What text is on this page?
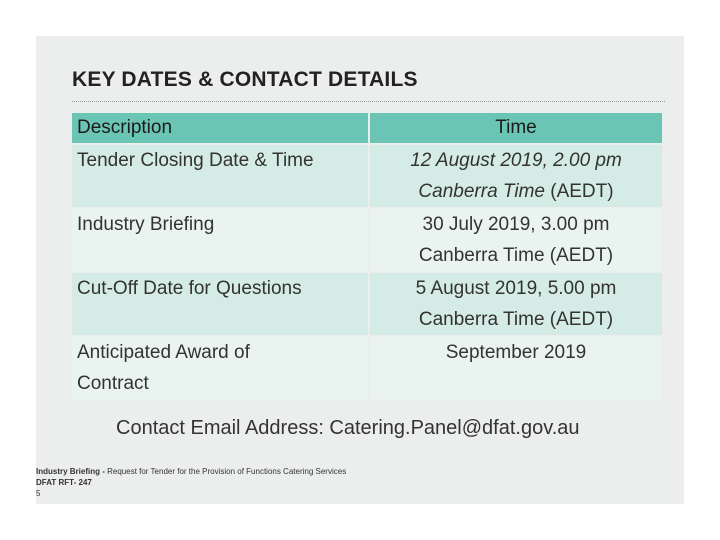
KEY DATES & CONTACT DETAILS
Description	Time
Tender Closing Date & Time	12 August 2019, 2.00 pm
Canberra Time (AEDT)

Industry Briefing	30 July 2019, 3.00 pm
Canberra Time (AEDT)

Cut-Off Date for Questions	5 August 2019, 5.00 pm
Canberra Time (AEDT)

Anticipated Award of
Contract	September 2019
Contact Email Address: Catering.Panel@dfat.gov.au
Industry Briefing - Request for Tender for the Provision of Functions Catering Services
DFAT RFT- 247
5
